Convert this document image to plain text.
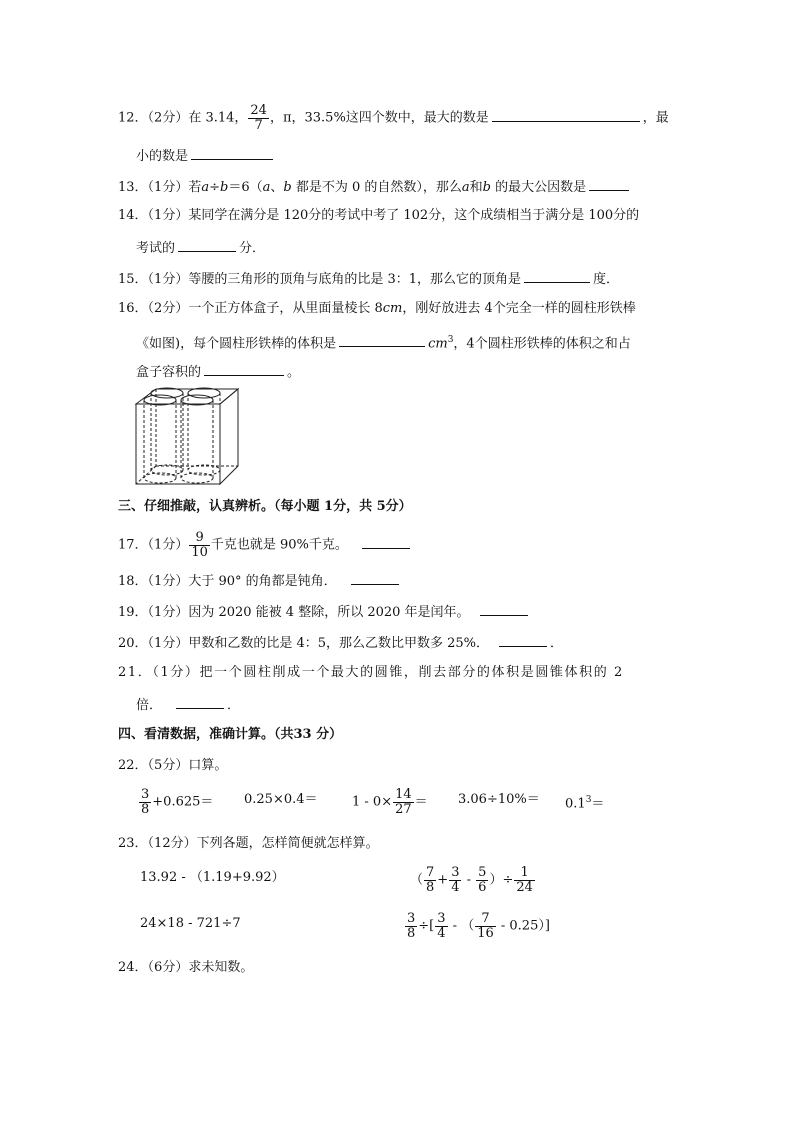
12．（2分）在 3.14， $\frac{24}{7}$ ，π，33.5%这四个数中，最大的数是	，最
小的数是
13．（1分）若a÷b＝6（a、b 都是不为 0 的自然数），那么a和b 的最大公因数是
14．（1分）某同学在满分是 120分的考试中考了 102分，这个成绩相当于满分是 100分的
考试的	分．
15．（1分）等腰的三角形的顶角与底角的比是 3：1，那么它的顶角是	度．
16．（2分）一个正方体盒子，从里面量棱长 8cm，刚好放进去 4个完全一样的圆柱形铁棒
《如图)，每个圆柱形铁棒的体积是	$cm^3$，4个圆柱形铁棒的体积之和占
盒子容积的	。
三、仔细推敲，认真辨析。（每小题 1分，共 5分）
17．（1分） $\frac{9}{10}$ 千克也就是 90%千克。
18．（1分）大于 90° 的角都是钝角．
19．（1分）因为 2020 能被 4 整除，所以 2020 年是闰年。
20．（1分）甲数和乙数的比是 4：5，那么乙数比甲数多 25%．	．
21．（1分）把一个圆柱削成一个最大的圆锥，削去部分的体积是圆锥体积的 2
倍．	．
四、看清数据，准确计算。（共33 分）
22．（5分）口算。
$\frac{3}{8} +0.625= 0.25\times 0.4=$	$1 - 0\times \frac{14}{27} = 3.06\div 10\%= 0.1^3=$
23．（12分）下列各题，怎样简便就怎样算。
13.92 - （1.19+9.92）	（ $\frac{7}{8} + \frac{3}{4} - \frac{5}{6}$ ）÷ $\frac{1}{24}$
24×18 - 721÷7	$\frac{3}{8}$ ÷[ $\frac{3}{4}$ - （ $\frac{7}{16} - 0.25$）]
24．（6分）求未知数。
